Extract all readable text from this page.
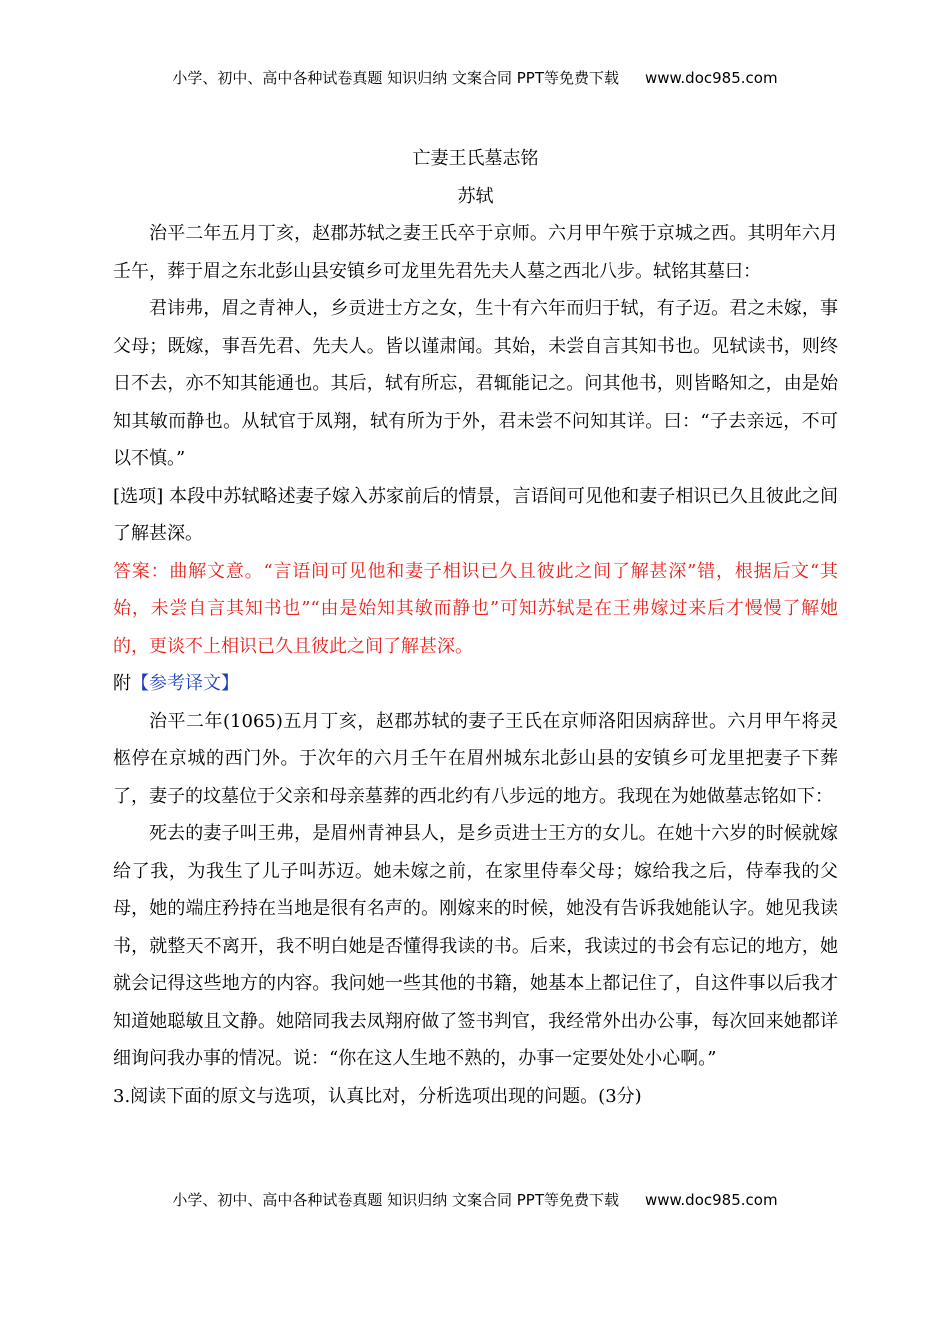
小学、初中、高中各种试卷真题 知识归纳 文案合同 PPT等免费下载 www.doc985.com

亡妻王氏墓志铭

苏轼

治平二年五月丁亥，赵郡苏轼之妻王氏卒于京师。六月甲午殡于京城之西。其明年六月壬午，葬于眉之东北彭山县安镇乡可龙里先君先夫人墓之西北八步。轼铭其墓曰：

君讳弗，眉之青神人，乡贡进士方之女，生十有六年而归于轼，有子迈。君之未嫁，事父母；既嫁，事吾先君、先夫人。皆以谨肃闻。其始，未尝自言其知书也。见轼读书，则终日不去，亦不知其能通也。其后，轼有所忘，君辄能记之。问其他书，则皆略知之，由是始知其敏而静也。从轼官于凤翔，轼有所为于外，君未尝不问知其详。曰：“子去亲远，不可以不慎。”

[选项] 本段中苏轼略述妻子嫁入苏家前后的情景，言语间可见他和妻子相识已久且彼此之间了解甚深。

答案：曲解文意。“言语间可见他和妻子相识已久且彼此之间了解甚深”错，根据后文“其始，未尝自言其知书也”“由是始知其敏而静也”可知苏轼是在王弗嫁过来后才慢慢了解她的，更谈不上相识已久且彼此之间了解甚深。

附【参考译文】

治平二年(1065)五月丁亥，赵郡苏轼的妻子王氏在京师洛阳因病辞世。六月甲午将灵柩停在京城的西门外。于次年的六月壬午在眉州城东北彭山县的安镇乡可龙里把妻子下葬了，妻子的坟墓位于父亲和母亲墓葬的西北约有八步远的地方。我现在为她做墓志铭如下：

死去的妻子叫王弗，是眉州青神县人，是乡贡进士王方的女儿。在她十六岁的时候就嫁给了我，为我生了儿子叫苏迈。她未嫁之前，在家里侍奉父母；嫁给我之后，侍奉我的父母，她的端庄矜持在当地是很有名声的。刚嫁来的时候，她没有告诉我她能认字。她见我读书，就整天不离开，我不明白她是否懂得我读的书。后来，我读过的书会有忘记的地方，她就会记得这些地方的内容。我问她一些其他的书籍，她基本上都记住了，自这件事以后我才知道她聪敏且文静。她陪同我去凤翔府做了签书判官，我经常外出办公事，每次回来她都详细询问我办事的情况。说：“你在这人生地不熟的，办事一定要处处小心啊。”

3.阅读下面的原文与选项，认真比对，分析选项出现的问题。(3分)

小学、初中、高中各种试卷真题 知识归纳 文案合同 PPT等免费下载 www.doc985.com
